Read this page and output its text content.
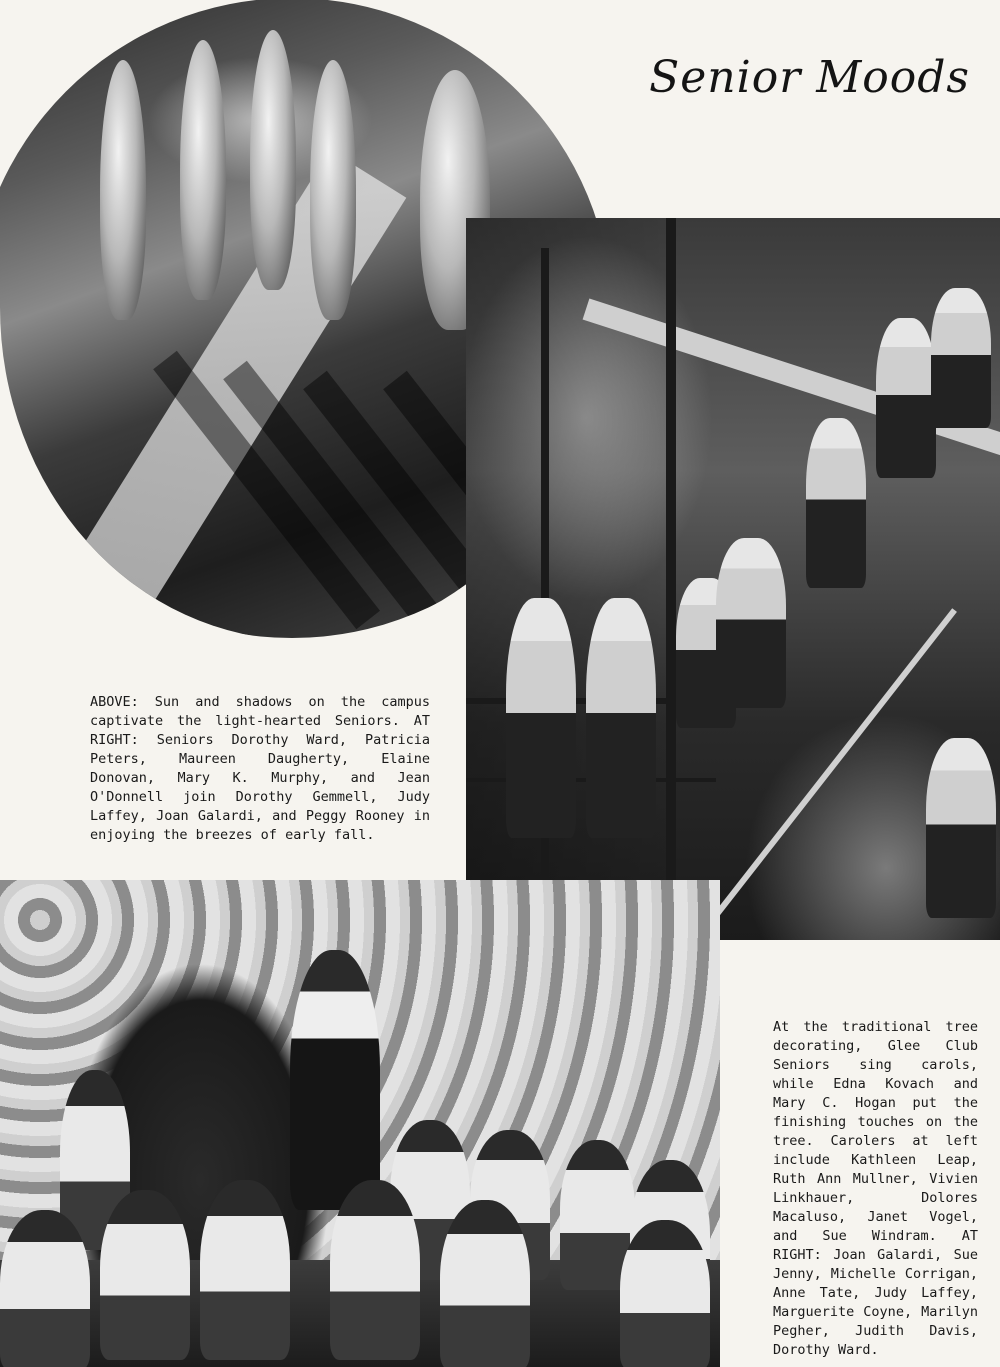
Senior Moods
ABOVE: Sun and shadows on the campus captivate the light-hearted Seniors. AT RIGHT: Seniors Dorothy Ward, Patricia Peters, Maureen Daugherty, Elaine Donovan, Mary K. Murphy, and Jean O'Donnell join Dorothy Gemmell, Judy Laffey, Joan Galardi, and Peggy Rooney in enjoying the breezes of early fall.
At the traditional tree decorating, Glee Club Seniors sing carols, while Edna Kovach and Mary C. Hogan put the finishing touches on the tree. Carolers at left include Kathleen Leap, Ruth Ann Mullner, Vivien Linkhauer, Dolores Macaluso, Janet Vogel, and Sue Windram. AT RIGHT: Joan Galardi, Sue Jenny, Michelle Corrigan, Anne Tate, Judy Laffey, Marguerite Coyne, Marilyn Pegher, Judith Davis, Dorothy Ward.
